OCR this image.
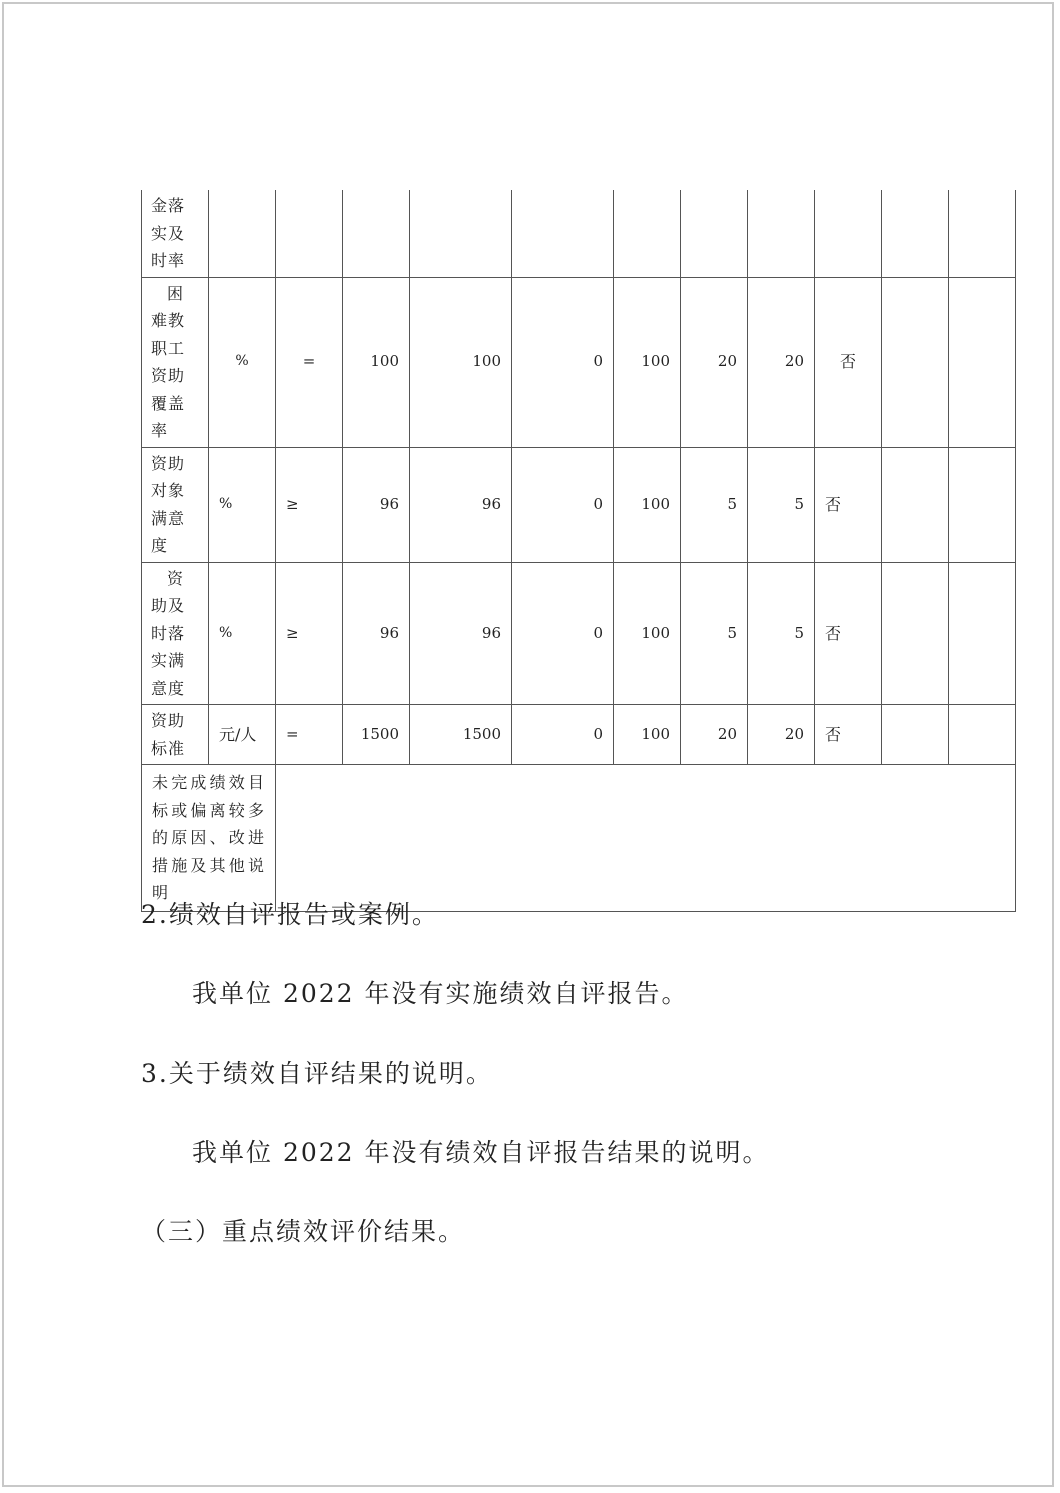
金落实及时率											
困难教职工资助覆盖率	%	=	100	100	0	100	20	20	否		
资助对象满意度	%	≥	96	96	0	100	5	5	否		
资助及时落实满意度	%	≥	96	96	0	100	5	5	否		
资助标准	元/人	=	1500	1500	0	100	20	20	否		
未完成绩效目标或偏离较多的原因、改进措施及其他说明											
2.绩效自评报告或案例。
我单位 2022 年没有实施绩效自评报告。
3.关于绩效自评结果的说明。
我单位 2022 年没有绩效自评报告结果的说明。
（三）重点绩效评价结果。
